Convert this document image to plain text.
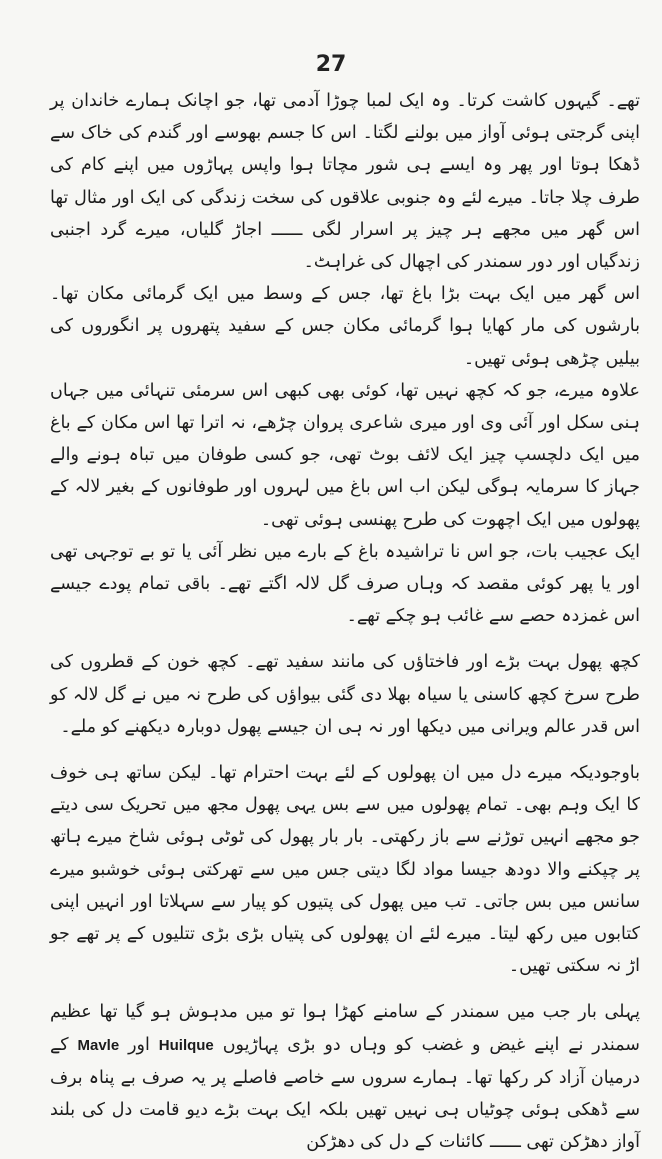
27

تھے۔ گیہوں کاشت کرتا۔ وہ ایک لمبا چوڑا آدمی تھا، جو اچانک ہمارے خاندان پر اپنی گرجتی ہوئی آواز میں بولنے لگتا۔ اس کا جسم بھوسے اور گندم کی خاک سے ڈھکا ہوتا اور پھر وہ ایسے ہی شور مچاتا ہوا واپس پہاڑوں میں اپنے کام کی طرف چلا جاتا۔ میرے لئے وہ جنوبی علاقوں کی سخت زندگی کی ایک اور مثال تھا اس گھر میں مجھے ہر چیز پر اسرار لگی ــــــ اجاڑ گلیاں، میرے گرد اجنبی زندگیاں اور دور سمندر کی اچھال کی غراہٹ۔

اس گھر میں ایک بہت بڑا باغ تھا، جس کے وسط میں ایک گرمائی مکان تھا۔ بارشوں کی مار کھایا ہوا گرمائی مکان جس کے سفید پتھروں پر انگوروں کی بیلیں چڑھی ہوئی تھیں۔

علاوہ میرے، جو کہ کچھ نہیں تھا، کوئی بھی کبھی اس سرمئی تنہائی میں جہاں ہنی سکل اور آئی وی اور میری شاعری پروان چڑھے، نہ اترا تھا اس مکان کے باغ میں ایک دلچسپ چیز ایک لائف بوٹ تھی، جو کسی طوفان میں تباہ ہونے والے جہاز کا سرمایہ ہوگی لیکن اب اس باغ میں لہروں اور طوفانوں کے بغیر لالہ کے پھولوں میں ایک اچھوت کی طرح پھنسی ہوئی تھی۔

ایک عجیب بات، جو اس نا تراشیدہ باغ کے بارے میں نظر آئی یا تو بے توجہی تھی اور یا پھر کوئی مقصد کہ وہاں صرف گل لالہ اگتے تھے۔ باقی تمام پودے جیسے اس غمزدہ حصے سے غائب ہو چکے تھے۔

کچھ پھول بہت بڑے اور فاختاؤں کی مانند سفید تھے۔ کچھ خون کے قطروں کی طرح سرخ کچھ کاسنی یا سیاہ بھلا دی گئی بیواؤں کی طرح نہ میں نے گل لالہ کو اس قدر عالم ویرانی میں دیکھا اور نہ ہی ان جیسے پھول دوبارہ دیکھنے کو ملے۔

باوجودیکہ میرے دل میں ان پھولوں کے لئے بہت احترام تھا۔ لیکن ساتھ ہی خوف کا ایک وہم بھی۔ تمام پھولوں میں سے بس یہی پھول مجھ میں تحریک سی دیتے جو مجھے انہیں توڑنے سے باز رکھتی۔ بار بار پھول کی ٹوٹی ہوئی شاخ میرے ہاتھ پر چپکنے والا دودھ جیسا مواد لگا دیتی جس میں سے تھرکتی ہوئی خوشبو میرے سانس میں بس جاتی۔ تب میں پھول کی پتیوں کو پیار سے سہلاتا اور انہیں اپنی کتابوں میں رکھ لیتا۔ میرے لئے ان پھولوں کی پتیاں بڑی بڑی تتلیوں کے پر تھے جو اڑ نہ سکتی تھیں۔

پہلی بار جب میں سمندر کے سامنے کھڑا ہوا تو میں مدہوش ہو گیا تھا عظیم سمندر نے اپنے غیض و غضب کو وہاں دو بڑی پہاڑیوں Huilque اور Mavle کے درمیان آزاد کر رکھا تھا۔ ہمارے سروں سے خاصے فاصلے پر یہ صرف بے پناہ برف سے ڈھکی ہوئی چوٹیاں ہی نہیں تھیں بلکہ ایک بہت بڑے دیو قامت دل کی بلند آواز دھڑکن تھی ــــــ کائنات کے دل کی دھڑکن
